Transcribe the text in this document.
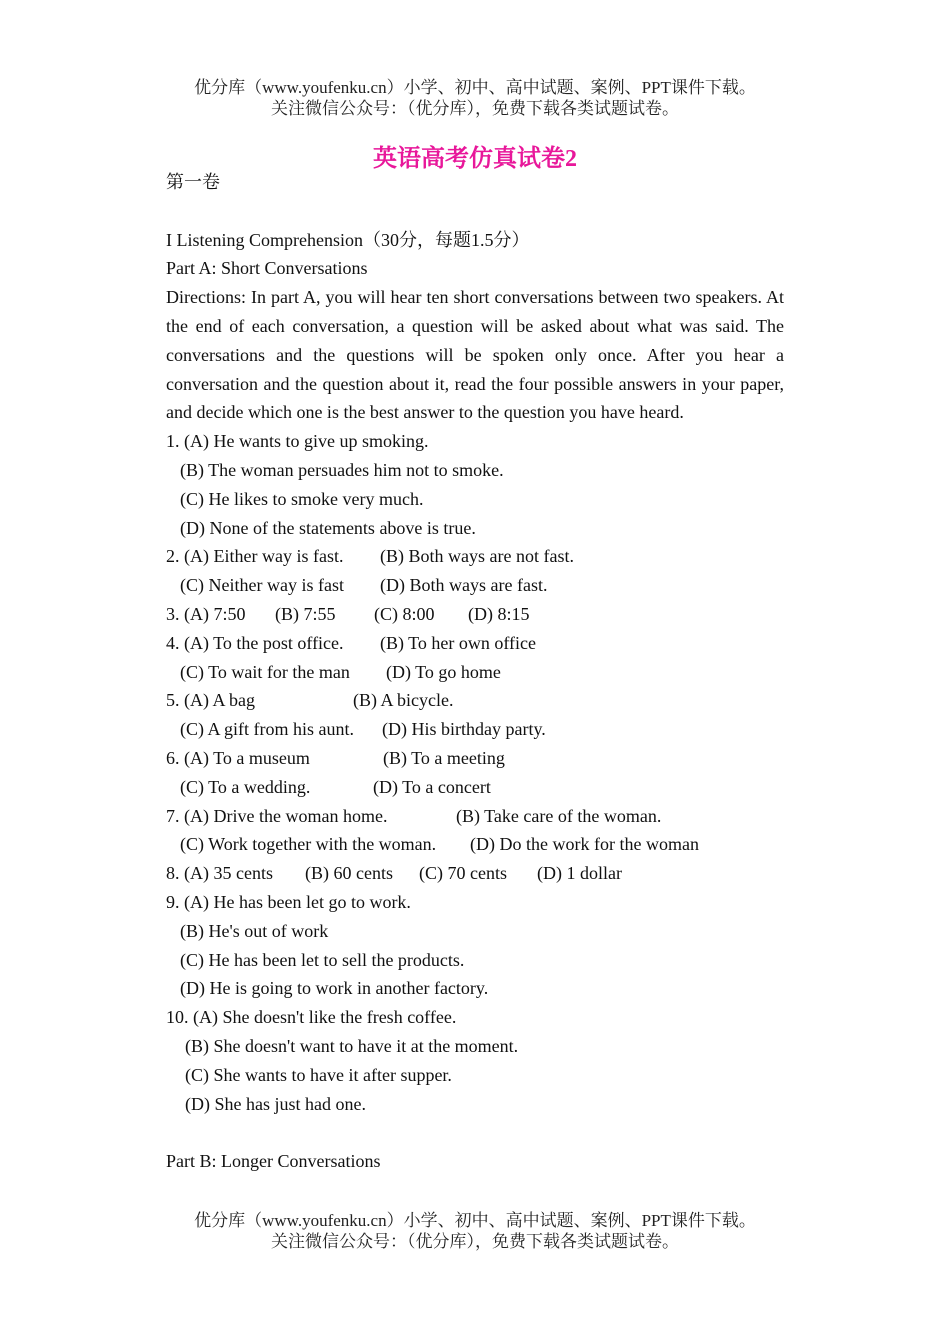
优分库（www.youfenku.cn）小学、初中、高中试题、案例、PPT课件下载。
关注微信公众号：（优分库），免费下载各类试题试卷。
英语高考仿真试卷2

第一卷

I Listening Comprehension（30分，每题1.5分）

Part A: Short Conversations

Directions: In part A, you will hear ten short conversations between two speakers. At the end of each conversation, a question will be asked about what was said. The conversations and the questions will be spoken only once. After you hear a conversation and the question about it, read the four possible answers in your paper, and decide which one is the best answer to the question you have heard.

1. (A) He wants to give up smoking.

(B) The woman persuades him not to smoke.

(C) He likes to smoke very much.

(D) None of the statements above is true.

2. (A) Either way is fast. (B) Both ways are not fast.

(C) Neither way is fast (D) Both ways are fast.

3. (A) 7:50 (B) 7:55 (C) 8:00 (D) 8:15

4. (A) To the post office. (B) To her own office

(C) To wait for the man (D) To go home

5. (A) A bag	(B) A bicycle.

(C) A gift from his aunt. (D) His birthday party.

6. (A) To a museum	(B) To a meeting

(C) To a wedding.	(D) To a concert

7. (A) Drive the woman home.	(B) Take care of the woman.

(C) Work together with the woman. (D) Do the work for the woman

8. (A) 35 cents (B) 60 cents (C) 70 cents (D) 1 dollar

9. (A) He has been let go to work.

(B) He's out of work

(C) He has been let to sell the products.

(D) He is going to work in another factory.

10. (A) She doesn't like the fresh coffee.

(B) She doesn't want to have it at the moment.

(C) She wants to have it after supper.

(D) She has just had one.

Part B: Longer Conversations

优分库（www.youfenku.cn）小学、初中、高中试题、案例、PPT课件下载。
关注微信公众号：（优分库），免费下载各类试题试卷。
